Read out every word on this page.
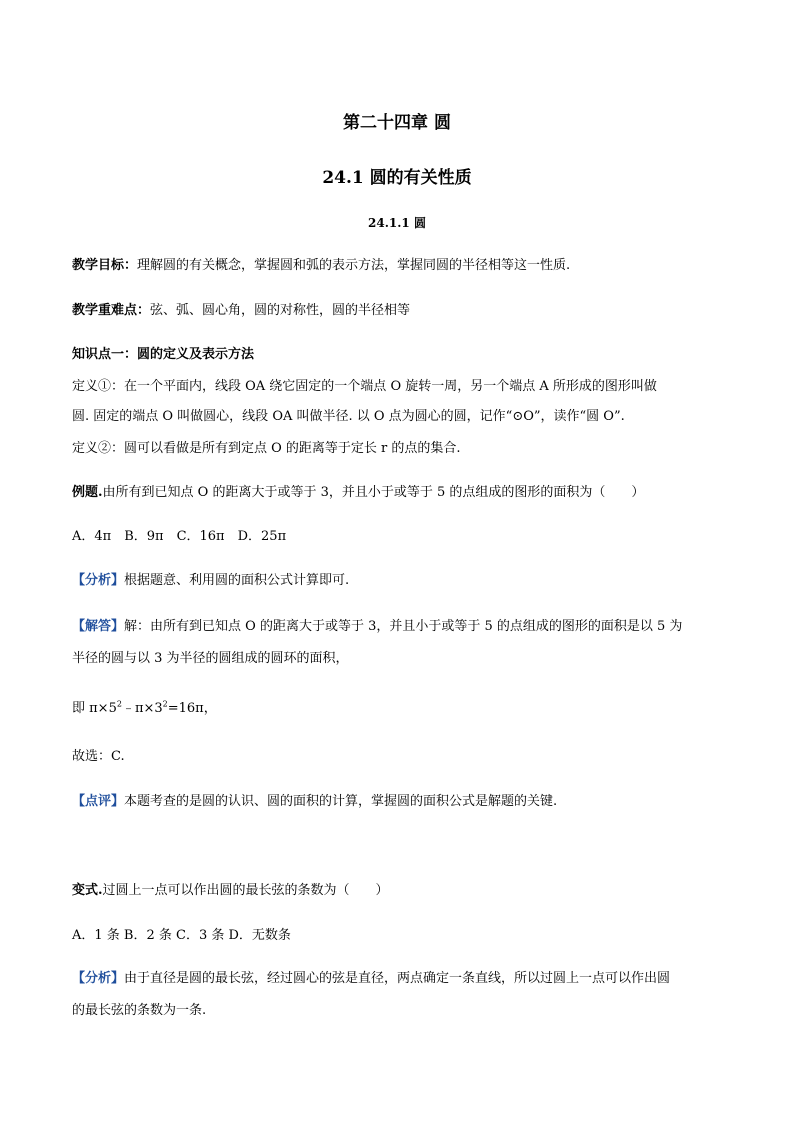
第二十四章 圆
24.1 圆的有关性质
24.1.1 圆
教学目标：理解圆的有关概念，掌握圆和弧的表示方法，掌握同圆的半径相等这一性质.
教学重难点：弦、弧、圆心角，圆的对称性，圆的半径相等
知识点一：圆的定义及表示方法
定义①：在一个平面内，线段 OA 绕它固定的一个端点 O 旋转一周，另一个端点 A 所形成的图形叫做
圆. 固定的端点 O 叫做圆心，线段 OA 叫做半径. 以 O 点为圆心的圆，记作“⊙O”，读作“圆 O”.
定义②：圆可以看做是所有到定点 O 的距离等于定长 r 的点的集合.
例题.由所有到已知点 O 的距离大于或等于 3，并且小于或等于 5 的点组成的图形的面积为（　　）
A．4π　B．9π　C．16π　D．25π
【分析】根据题意、利用圆的面积公式计算即可.
【解答】解：由所有到已知点 O 的距离大于或等于 3，并且小于或等于 5 的点组成的图形的面积是以 5 为
半径的圆与以 3 为半径的圆组成的圆环的面积，
即 $\pi\times 5^2﹣\pi\times 3^2=16\pi$，
故选：C.
【点评】本题考查的是圆的认识、圆的面积的计算，掌握圆的面积公式是解题的关键.
变式.过圆上一点可以作出圆的最长弦的条数为（　　）
A．1 条 B．2 条 C．3 条 D．无数条
【分析】由于直径是圆的最长弦，经过圆心的弦是直径，两点确定一条直线，所以过圆上一点可以作出圆
的最长弦的条数为一条.
